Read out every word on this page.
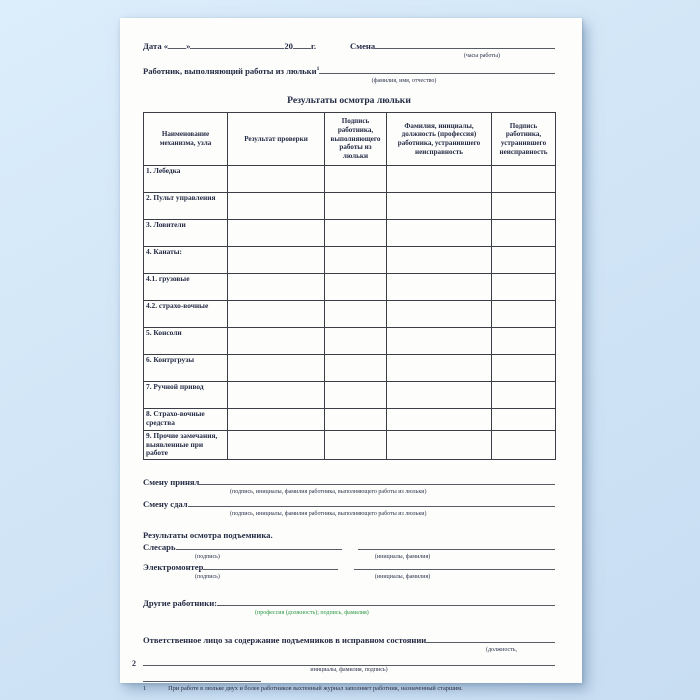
Дата « »	20 г.	Смена
(часы работы)
Работник, выполняющий работы из люльки$^1$
(фамилия, имя, отчество)
Результаты осмотра люльки
Наименование механизма, узла	Результат проверки	Подпись работника, выполняющего работы из люльки	Фамилия, инициалы, должность (профессия) работника, устранившего неисправность	Подпись работника, устранившего неисправность
1. Лебедка				
2. Пульт управления				
3. Ловители				
4. Канаты:				
4.1. грузовые				
4.2. страхо-вочные				
5. Консоли				
6. Контргрузы				
7. Ручной привод				
8. Страхо-вочные средства				
9. Прочие замечания, выявленные при работе				
Смену принял
(подпись, инициалы, фамилия работника, выполняющего работы из люльки)
Смену сдал
(подпись, инициалы, фамилия работника, выполняющего работы из люльки)
Результаты осмотра подъемника.
Слесарь
(подпись)	(инициалы, фамилия)
Электромонтер
(подпись)	(инициалы, фамилия)
Другие работники:
(профессия (должность); подпись, фамилия)
Ответственное лицо за содержание подъемников в исправном состоянии
(должность,
инициалы, фамилия, подпись)
1	При работе в люльке двух и более работников вахтенный журнал заполняет работник, назначенный старшим.
2
